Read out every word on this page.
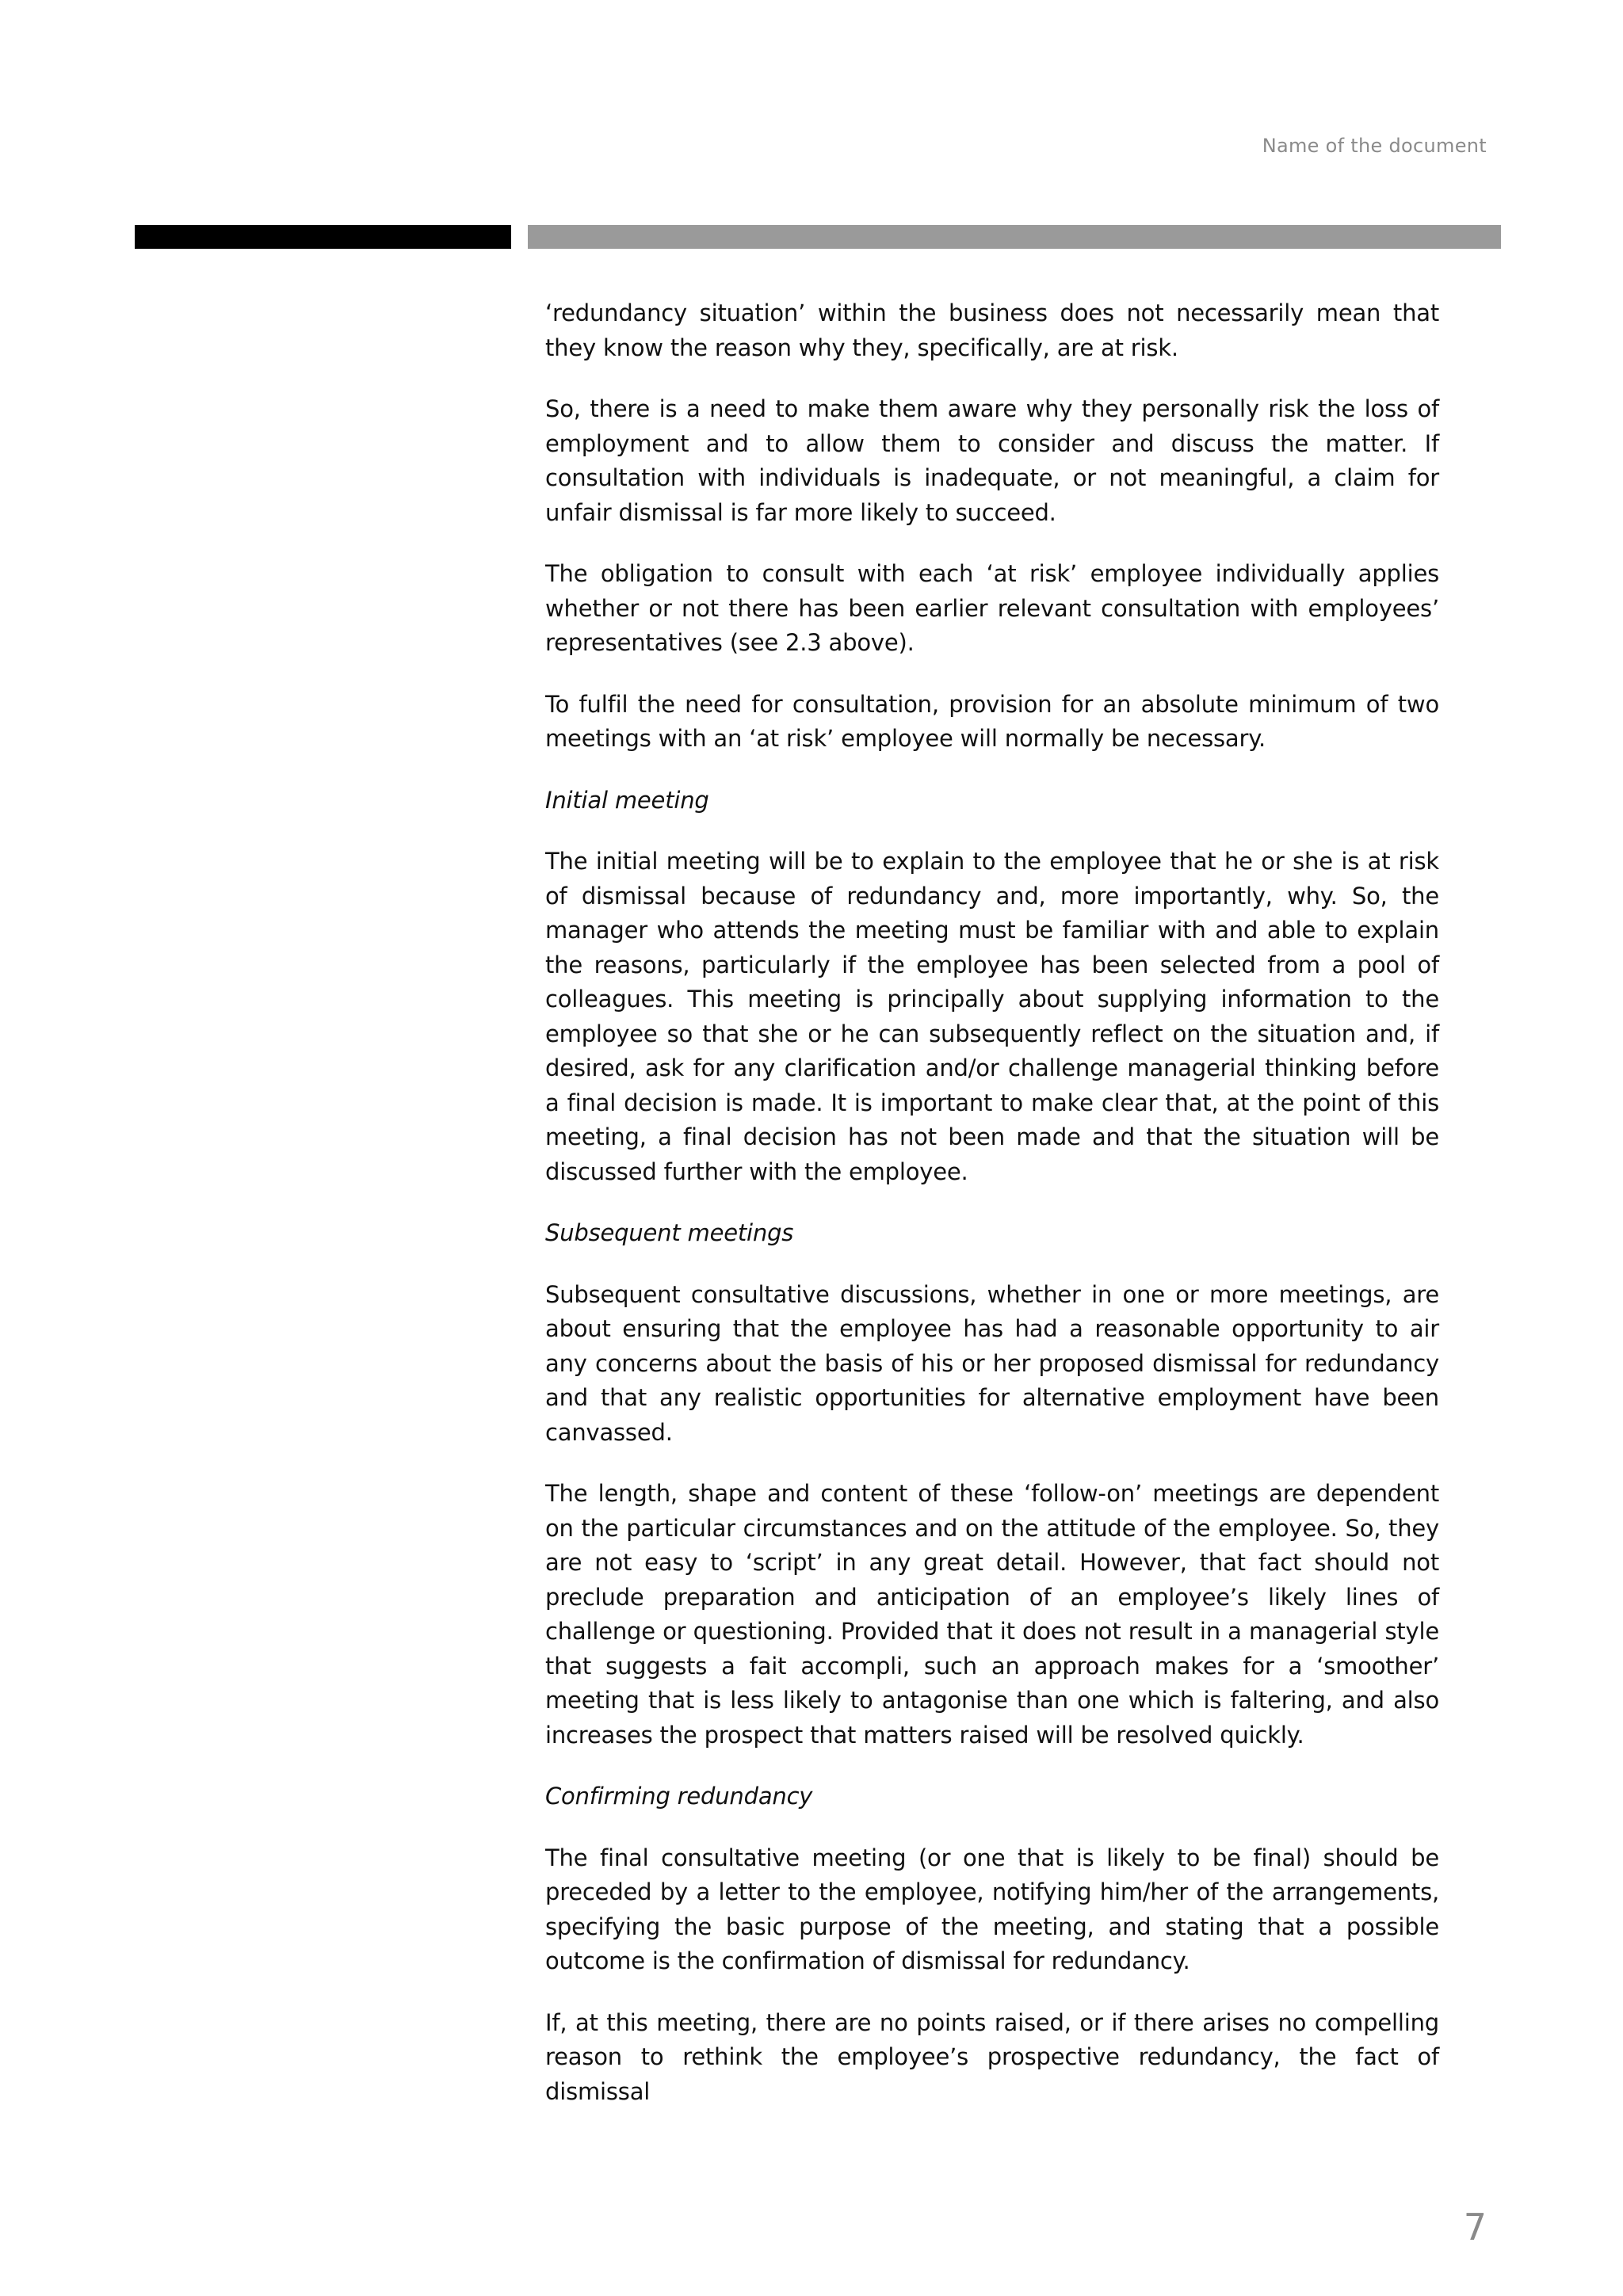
Name of the document

‘redundancy situation’ within the business does not necessarily mean that they know the reason why they, specifically, are at risk.

So, there is a need to make them aware why they personally risk the loss of employment and to allow them to consider and discuss the matter. If consultation with individuals is inadequate, or not meaningful, a claim for unfair dismissal is far more likely to succeed.

The obligation to consult with each ‘at risk’ employee individually applies whether or not there has been earlier relevant consultation with employees’ representatives (see 2.3 above).

To fulfil the need for consultation, provision for an absolute minimum of two meetings with an ‘at risk’ employee will normally be necessary.

Initial meeting

The initial meeting will be to explain to the employee that he or she is at risk of dismissal because of redundancy and, more importantly, why. So, the manager who attends the meeting must be familiar with and able to explain the reasons, particularly if the employee has been selected from a pool of colleagues. This meeting is principally about supplying information to the employee so that she or he can subsequently reflect on the situation and, if desired, ask for any clarification and/or challenge managerial thinking before a final decision is made. It is important to make clear that, at the point of this meeting, a final decision has not been made and that the situation will be discussed further with the employee.

Subsequent meetings

Subsequent consultative discussions, whether in one or more meetings, are about ensuring that the employee has had a reasonable opportunity to air any concerns about the basis of his or her proposed dismissal for redundancy and that any realistic opportunities for alternative employment have been canvassed.

The length, shape and content of these ‘follow-on’ meetings are dependent on the particular circumstances and on the attitude of the employee. So, they are not easy to ‘script’ in any great detail. However, that fact should not preclude preparation and anticipation of an employee’s likely lines of challenge or questioning. Provided that it does not result in a managerial style that suggests a fait accompli, such an approach makes for a ‘smoother’ meeting that is less likely to antagonise than one which is faltering, and also increases the prospect that matters raised will be resolved quickly.

Confirming redundancy

The final consultative meeting (or one that is likely to be final) should be preceded by a letter to the employee, notifying him/her of the arrangements, specifying the basic purpose of the meeting, and stating that a possible outcome is the confirmation of dismissal for redundancy.

If, at this meeting, there are no points raised, or if there arises no compelling reason to rethink the employee’s prospective redundancy, the fact of dismissal

7
